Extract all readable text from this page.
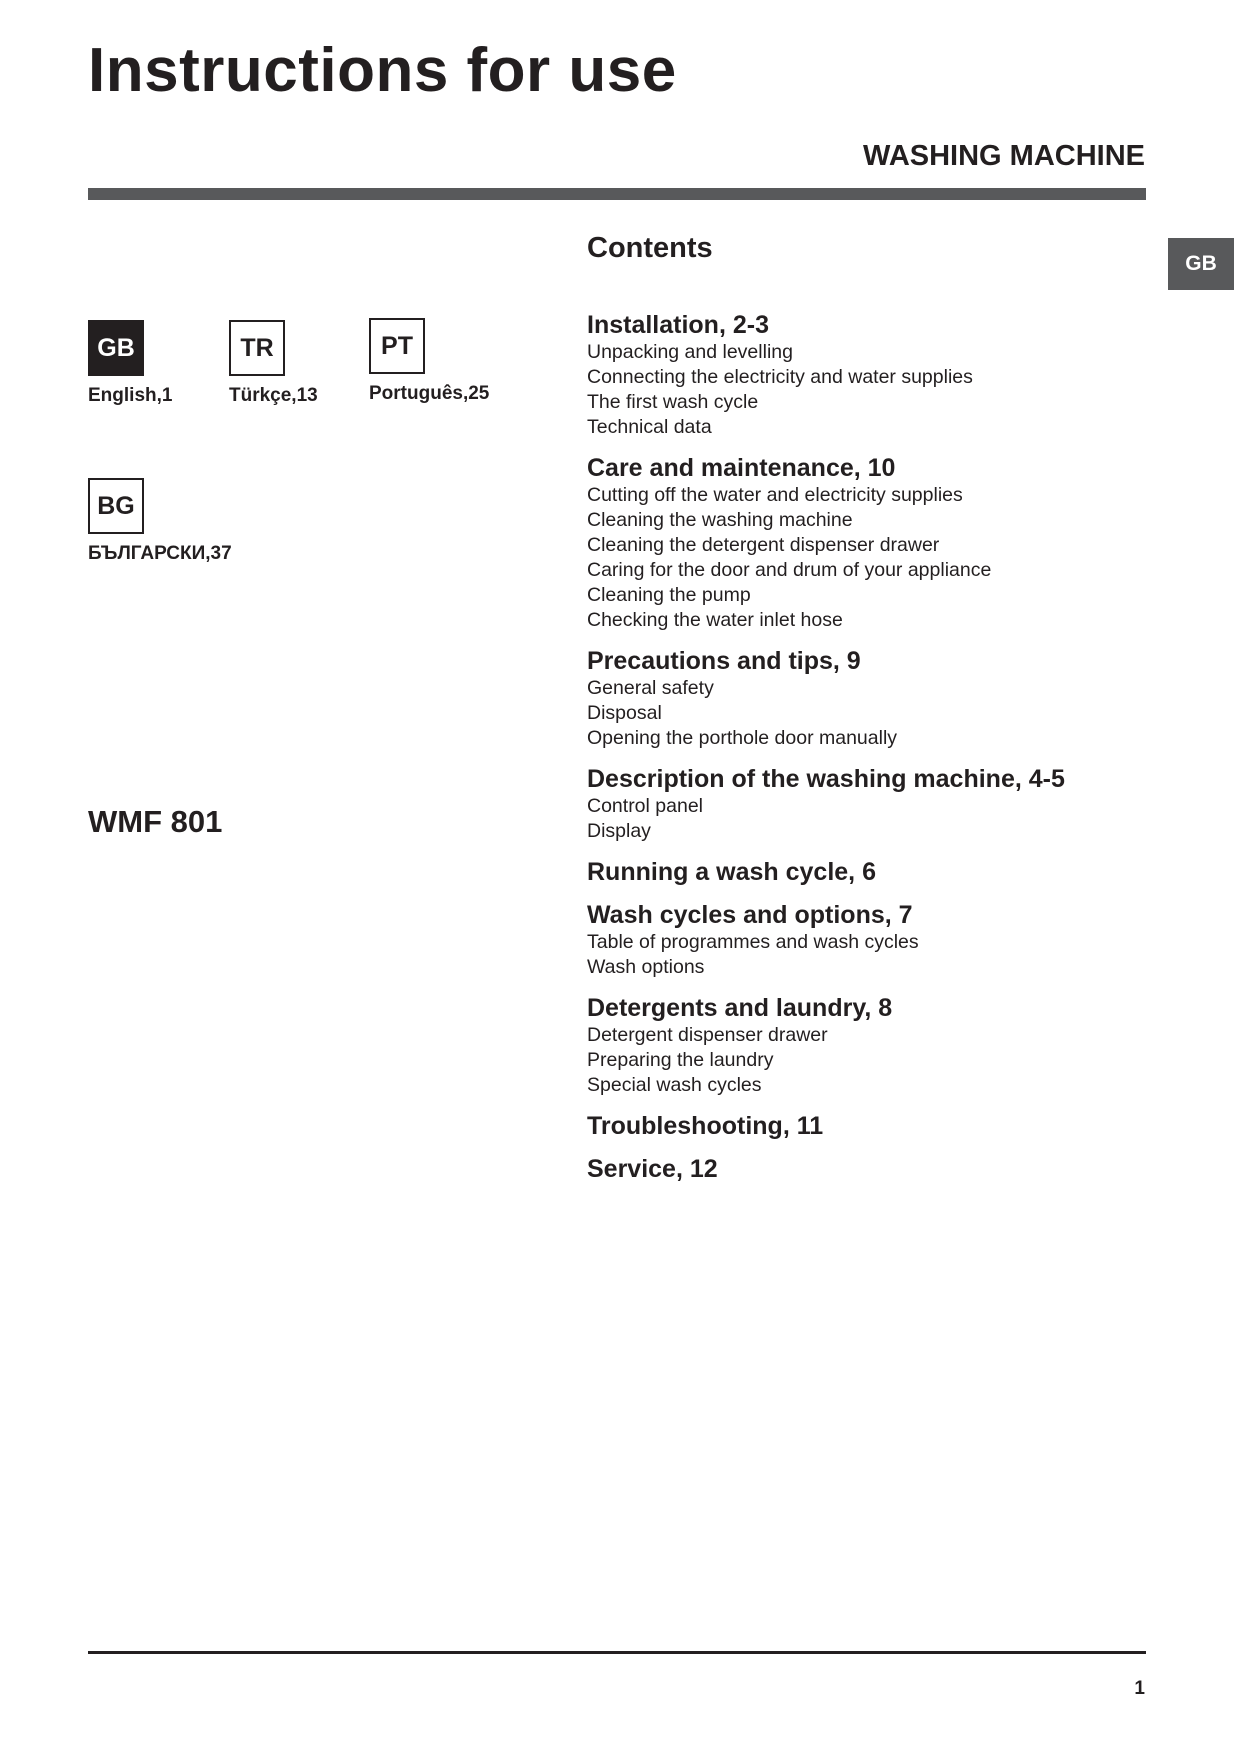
Instructions for use
WASHING MACHINE
GB
GB
English,1
TR
Türkçe,13
PT
Português,25
BG
БЪЛГАРСКИ,37
WMF 801
Contents
Installation, 2-3
Unpacking and levelling
Connecting the electricity and water supplies
The first wash cycle
Technical data
Care and maintenance, 10
Cutting off the water and electricity supplies
Cleaning the washing machine
Cleaning the detergent dispenser drawer
Caring for the door and drum of your appliance
Cleaning the pump
Checking the water inlet hose
Precautions and tips, 9
General safety
Disposal
Opening the porthole door manually
Description of the washing machine, 4-5
Control panel
Display
Running a wash cycle, 6
Wash cycles and options, 7
Table of programmes and wash cycles
Wash options
Detergents and laundry, 8
Detergent dispenser drawer
Preparing the laundry
Special wash cycles
Troubleshooting, 11
Service, 12
1
